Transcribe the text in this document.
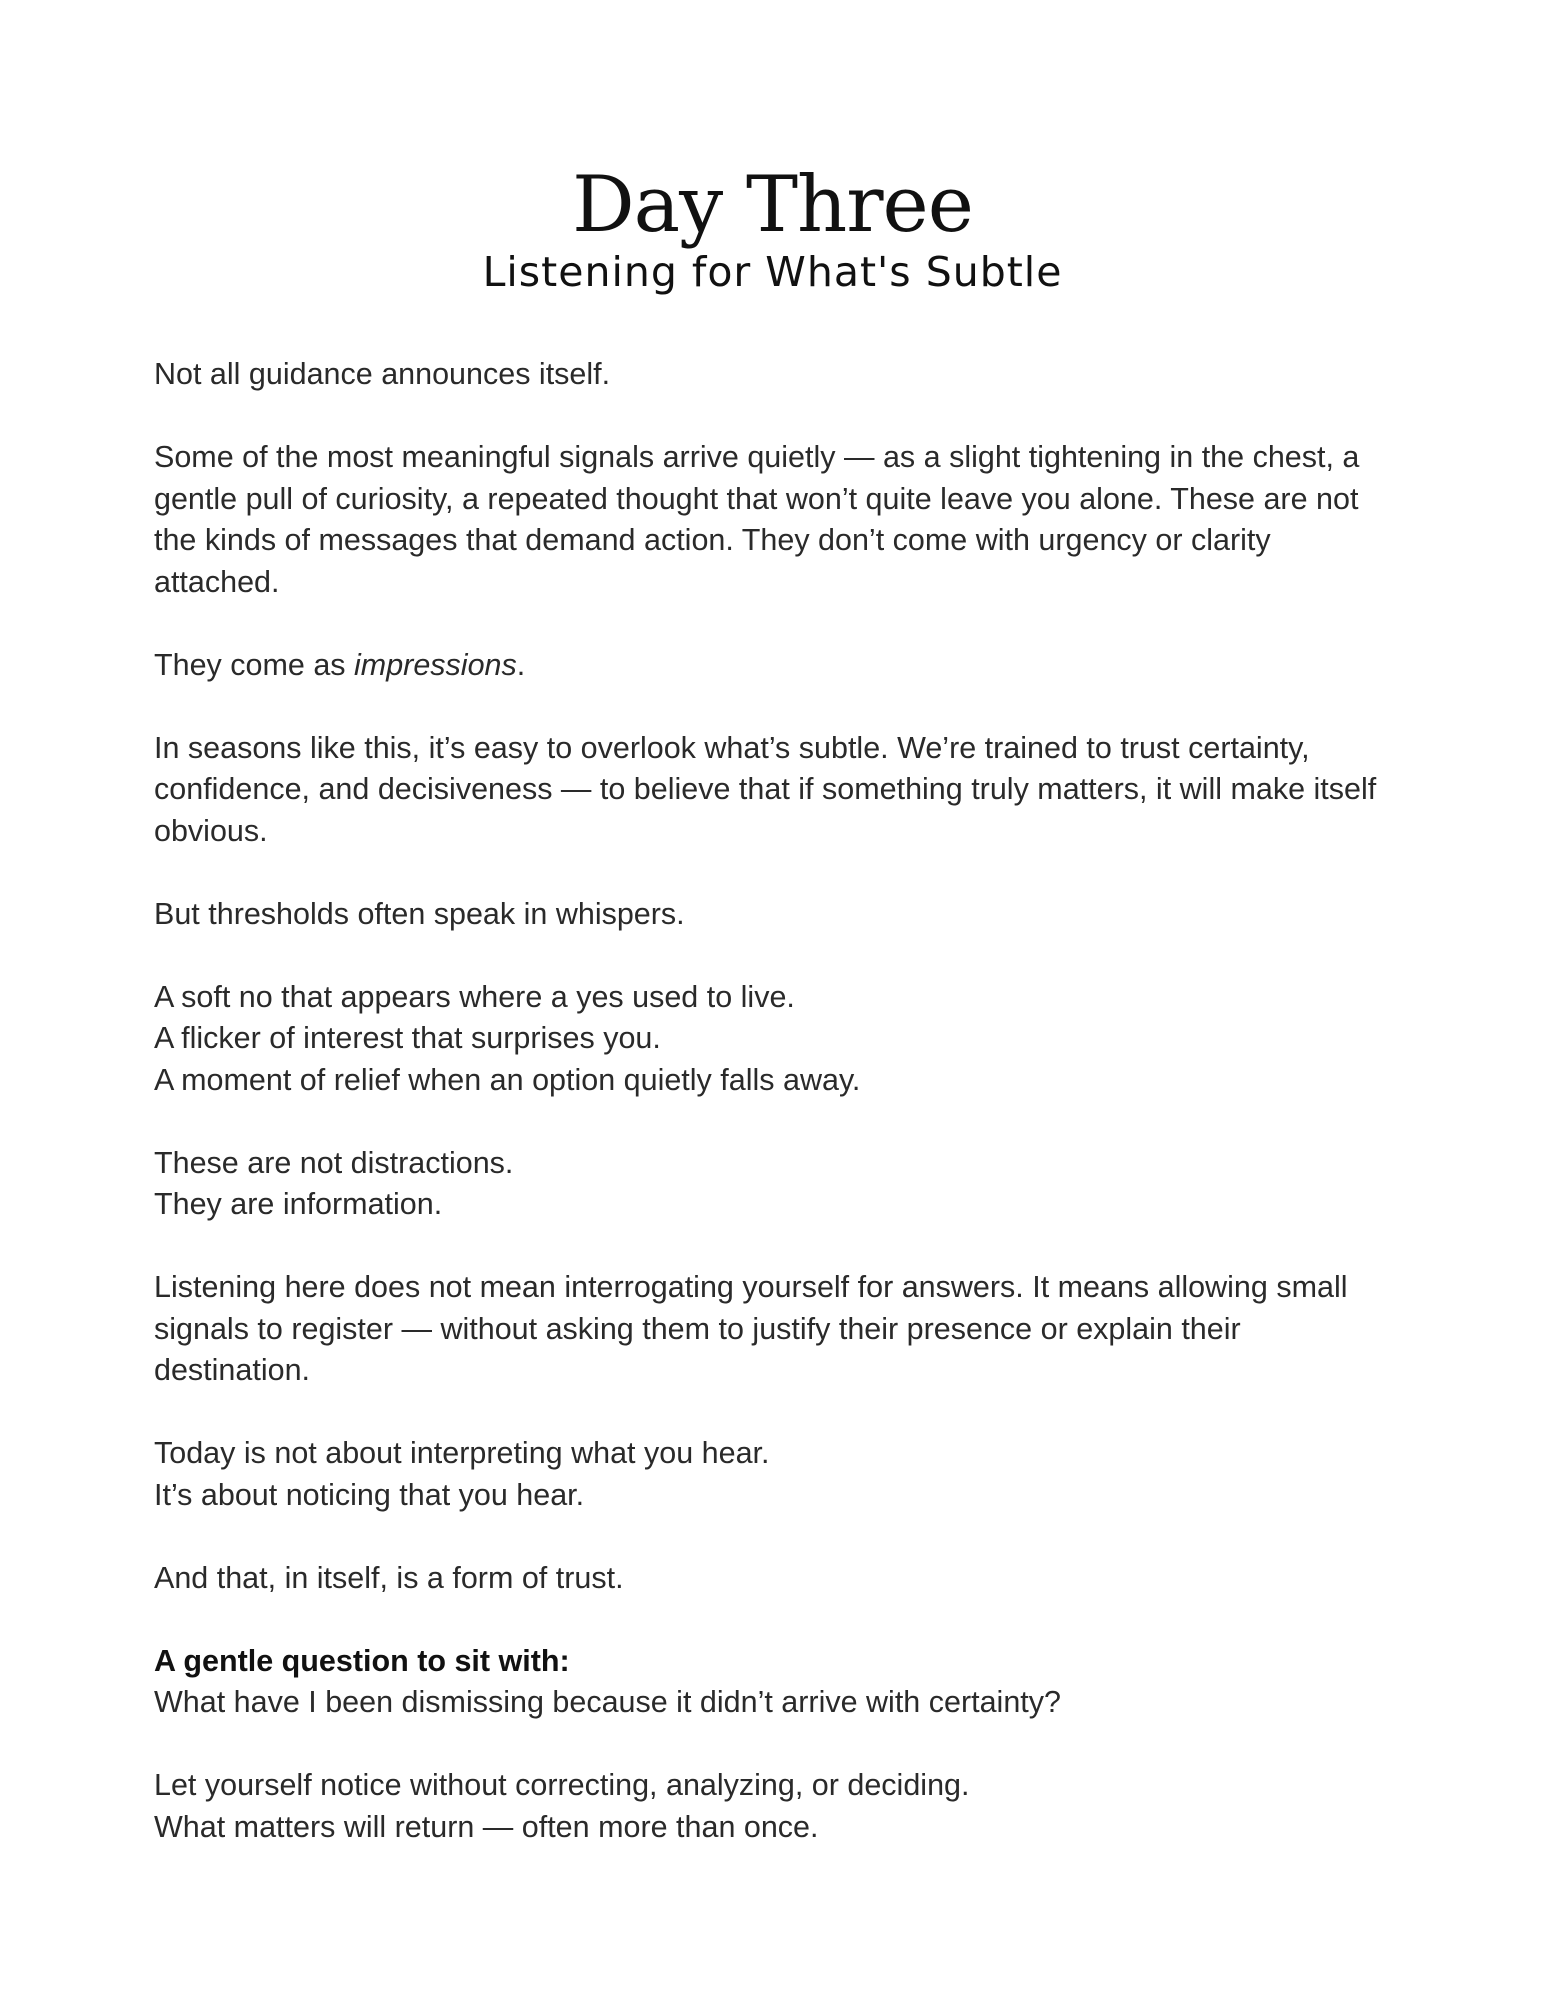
Day Three
Listening for What's Subtle

Not all guidance announces itself.

Some of the most meaningful signals arrive quietly — as a slight tightening in the chest, a gentle pull of curiosity, a repeated thought that won’t quite leave you alone. These are not the kinds of messages that demand action. They don’t come with urgency or clarity attached.

They come as impressions.

In seasons like this, it’s easy to overlook what’s subtle. We’re trained to trust certainty, confidence, and decisiveness — to believe that if something truly matters, it will make itself obvious.

But thresholds often speak in whispers.

A soft no that appears where a yes used to live.
A flicker of interest that surprises you.
A moment of relief when an option quietly falls away.

These are not distractions.
They are information.

Listening here does not mean interrogating yourself for answers. It means allowing small signals to register — without asking them to justify their presence or explain their destination.

Today is not about interpreting what you hear.
It’s about noticing that you hear.

And that, in itself, is a form of trust.

A gentle question to sit with:
What have I been dismissing because it didn’t arrive with certainty?

Let yourself notice without correcting, analyzing, or deciding.
What matters will return — often more than once.
